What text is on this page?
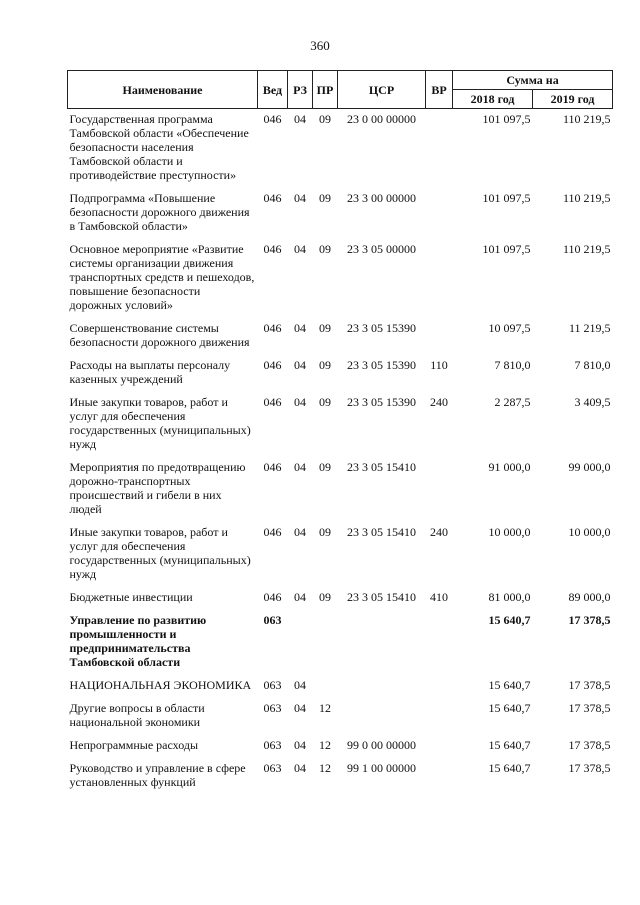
360
Наименование	Вед	РЗ	ПР	ЦСР	ВР	Сумма на	
						2018 год	2019 год
Государственная программа Тамбовской области «Обеспечение безопасности населения Тамбовской области и противодействие преступности»	046	04	09	23 0 00 00000		101 097,5	110 219,5
Подпрограмма «Повышение безопасности дорожного движения в Тамбовской области»	046	04	09	23 3 00 00000		101 097,5	110 219,5
Основное мероприятие «Развитие системы организации движения транспортных средств и пешеходов, повышение безопасности дорожных условий»	046	04	09	23 3 05 00000		101 097,5	110 219,5
Совершенствование системы безопасности дорожного движения	046	04	09	23 3 05 15390		10 097,5	11 219,5
Расходы на выплаты персоналу казенных учреждений	046	04	09	23 3 05 15390	110	7 810,0	7 810,0
Иные закупки товаров, работ и услуг для обеспечения государственных (муниципальных) нужд	046	04	09	23 3 05 15390	240	2 287,5	3 409,5
Мероприятия по предотвращению дорожно-транспортных происшествий и гибели в них людей	046	04	09	23 3 05 15410		91 000,0	99 000,0
Иные закупки товаров, работ и услуг для обеспечения государственных (муниципальных) нужд	046	04	09	23 3 05 15410	240	10 000,0	10 000,0
Бюджетные инвестиции	046	04	09	23 3 05 15410	410	81 000,0	89 000,0
Управление по развитию промышленности и предпринимательства Тамбовской области	063					15 640,7	17 378,5
НАЦИОНАЛЬНАЯ ЭКОНОМИКА	063	04				15 640,7	17 378,5
Другие вопросы в области национальной экономики	063	04	12			15 640,7	17 378,5
Непрограммные расходы	063	04	12	99 0 00 00000		15 640,7	17 378,5
Руководство и управление в сфере установленных функций	063	04	12	99 1 00 00000		15 640,7	17 378,5
